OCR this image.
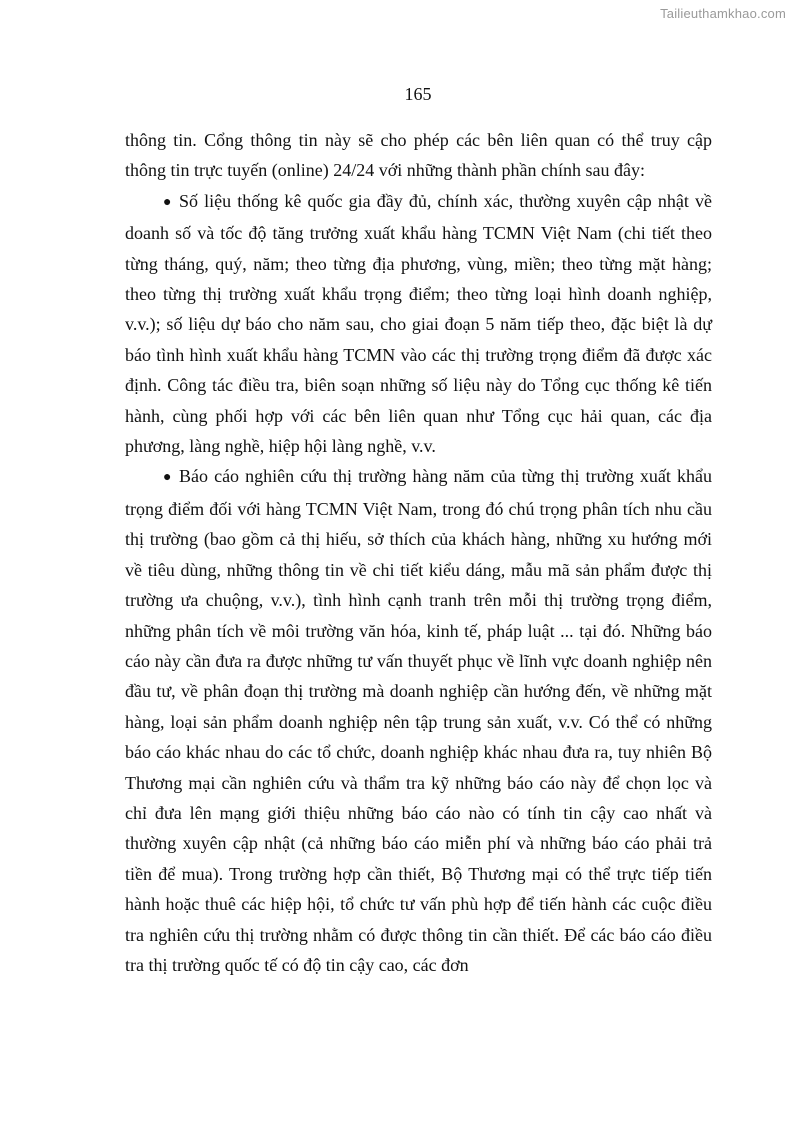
Tailieuthamkhao.com
165

thông tin. Cổng thông tin này sẽ cho phép các bên liên quan có thể truy cập thông tin trực tuyến (online) 24/24 với những thành phần chính sau đây:

● Số liệu thống kê quốc gia đầy đủ, chính xác, thường xuyên cập nhật về doanh số và tốc độ tăng trưởng xuất khẩu hàng TCMN Việt Nam (chi tiết theo từng tháng, quý, năm; theo từng địa phương, vùng, miền; theo từng mặt hàng; theo từng thị trường xuất khẩu trọng điểm; theo từng loại hình doanh nghiệp, v.v.); số liệu dự báo cho năm sau, cho giai đoạn 5 năm tiếp theo, đặc biệt là dự báo tình hình xuất khẩu hàng TCMN vào các thị trường trọng điểm đã được xác định. Công tác điều tra, biên soạn những số liệu này do Tổng cục thống kê tiến hành, cùng phối hợp với các bên liên quan như Tổng cục hải quan, các địa phương, làng nghề, hiệp hội làng nghề, v.v.

● Báo cáo nghiên cứu thị trường hàng năm của từng thị trường xuất khẩu trọng điểm đối với hàng TCMN Việt Nam, trong đó chú trọng phân tích nhu cầu thị trường (bao gồm cả thị hiếu, sở thích của khách hàng, những xu hướng mới về tiêu dùng, những thông tin về chi tiết kiểu dáng, mẫu mã sản phẩm được thị trường ưa chuộng, v.v.), tình hình cạnh tranh trên mỗi thị trường trọng điểm, những phân tích về môi trường văn hóa, kinh tế, pháp luật ... tại đó. Những báo cáo này cần đưa ra được những tư vấn thuyết phục về lĩnh vực doanh nghiệp nên đầu tư, về phân đoạn thị trường mà doanh nghiệp cần hướng đến, về những mặt hàng, loại sản phẩm doanh nghiệp nên tập trung sản xuất, v.v. Có thể có những báo cáo khác nhau do các tổ chức, doanh nghiệp khác nhau đưa ra, tuy nhiên Bộ Thương mại cần nghiên cứu và thẩm tra kỹ những báo cáo này để chọn lọc và chỉ đưa lên mạng giới thiệu những báo cáo nào có tính tin cậy cao nhất và thường xuyên cập nhật (cả những báo cáo miễn phí và những báo cáo phải trả tiền để mua). Trong trường hợp cần thiết, Bộ Thương mại có thể trực tiếp tiến hành hoặc thuê các hiệp hội, tổ chức tư vấn phù hợp để tiến hành các cuộc điều tra nghiên cứu thị trường nhằm có được thông tin cần thiết. Để các báo cáo điều tra thị trường quốc tế có độ tin cậy cao, các đơn
